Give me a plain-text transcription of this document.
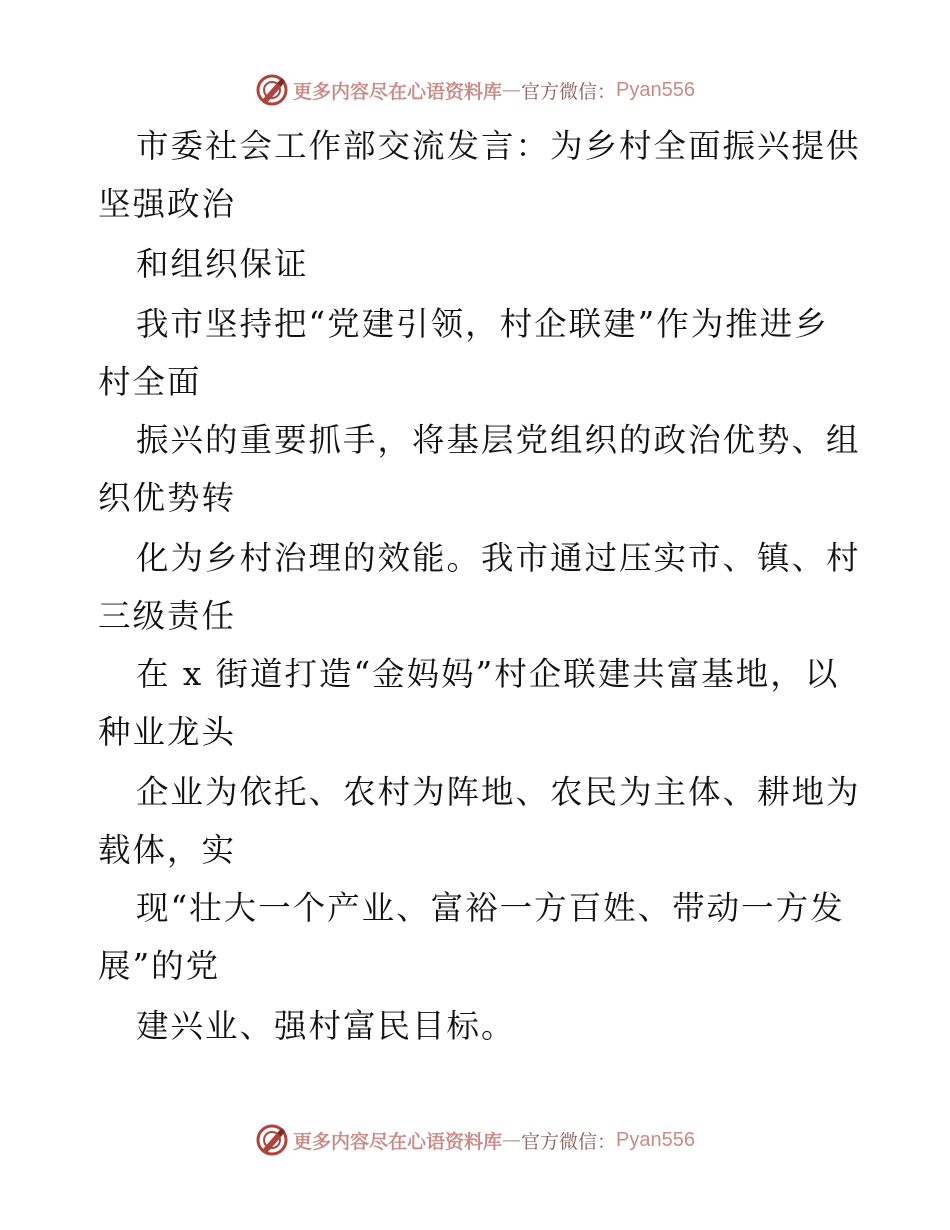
更多内容尽在心语资料库 — 官方微信： Pyan556
市委社会工作部交流发言：为乡村全面振兴提供
坚强政治
和组织保证
我市坚持把“党建引领，村企联建”作为推进乡
村全面
振兴的重要抓手，将基层党组织的政治优势、组
织优势转
化为乡村治理的效能。我市通过压实市、镇、村
三级责任
在 x 街道打造“金妈妈”村企联建共富基地，以
种业龙头
企业为依托、农村为阵地、农民为主体、耕地为
载体，实
现“壮大一个产业、富裕一方百姓、带动一方发
展”的党
建兴业、强村富民目标。
更多内容尽在心语资料库 — 官方微信： Pyan556
